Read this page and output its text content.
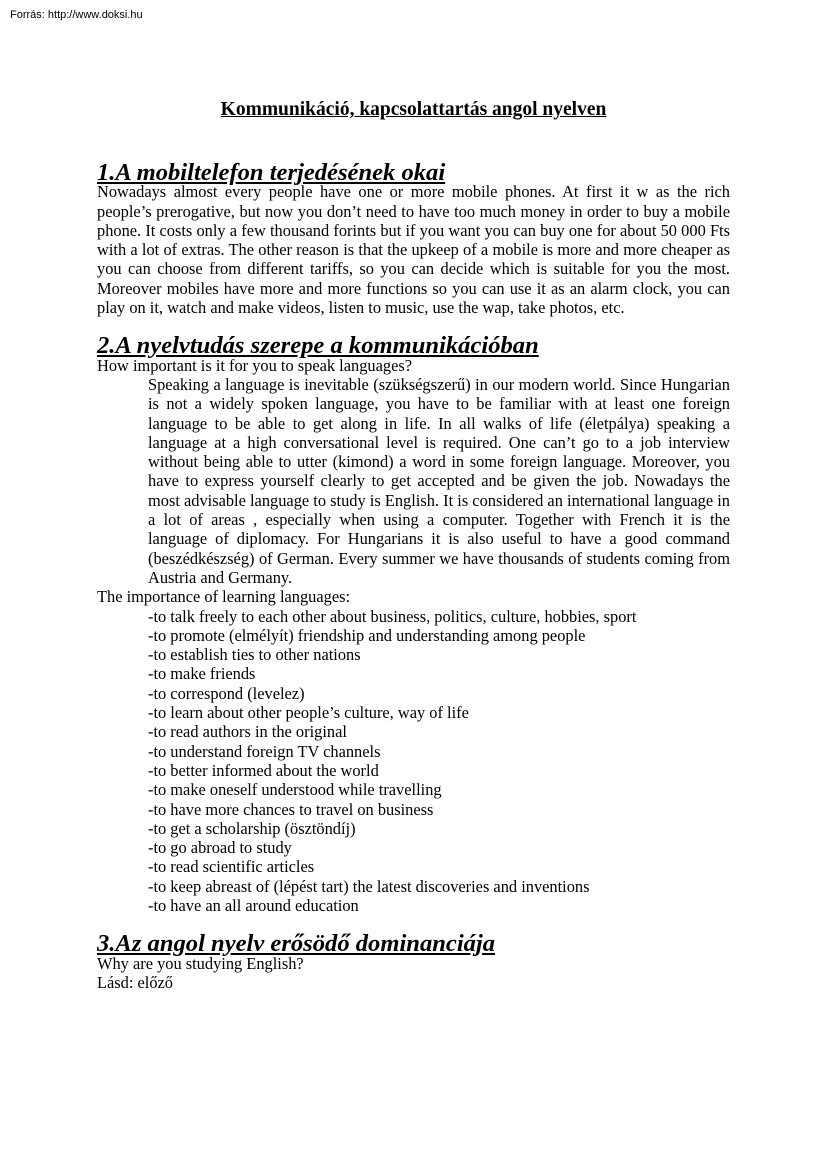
Forrás: http://www.doksi.hu
Kommunikáció, kapcsolattartás angol nyelven
1.A mobiltelefon terjedésének okai

Nowadays almost every people have one or more mobile phones. At first it w as the rich people’s prerogative, but now you don’t need to have too much money in order to buy a mobile phone. It costs only a few thousand forints but if you want you can buy one for about 50 000 Fts with a lot of extras. The other reason is that the upkeep of a mobile is more and more cheaper as you can choose from different tariffs, so you can decide which is suitable for you the most. Moreover mobiles have more and more functions so you can use it as an alarm clock, you can play on it, watch and make videos, listen to music, use the wap, take photos, etc.

2.A nyelvtudás szerepe a kommunikációban

How important is it for you to speak languages?

Speaking a language is inevitable (szükségszerű) in our modern world. Since Hungarian is not a widely spoken language, you have to be familiar with at least one foreign language to be able to get along in life. In all walks of life (életpálya) speaking a language at a high conversational level is required. One can’t go to a job interview without being able to utter (kimond) a word in some foreign language. Moreover, you have to express yourself clearly to get accepted and be given the job. Nowadays the most advisable language to study is English. It is considered an international language in a lot of areas , especially when using a computer. Together with French it is the language of diplomacy. For Hungarians it is also useful to have a good command (beszédkészség) of German. Every summer we have thousands of students coming from Austria and Germany.

The importance of learning languages:

-to talk freely to each other about business, politics, culture, hobbies, sport
-to promote (elmélyít) friendship and understanding among people
-to establish ties to other nations
-to make friends
-to correspond (levelez)
-to learn about other people’s culture, way of life
-to read authors in the original
-to understand foreign TV channels
-to better informed about the world
-to make oneself understood while travelling
-to have more chances to travel on business
-to get a scholarship (ösztöndíj)
-to go abroad to study
-to read scientific articles
-to keep abreast of (lépést tart) the latest discoveries and inventions
-to have an all around education
3.Az angol nyelv erősödő dominanciája

Why are you studying English?

Lásd: előző
